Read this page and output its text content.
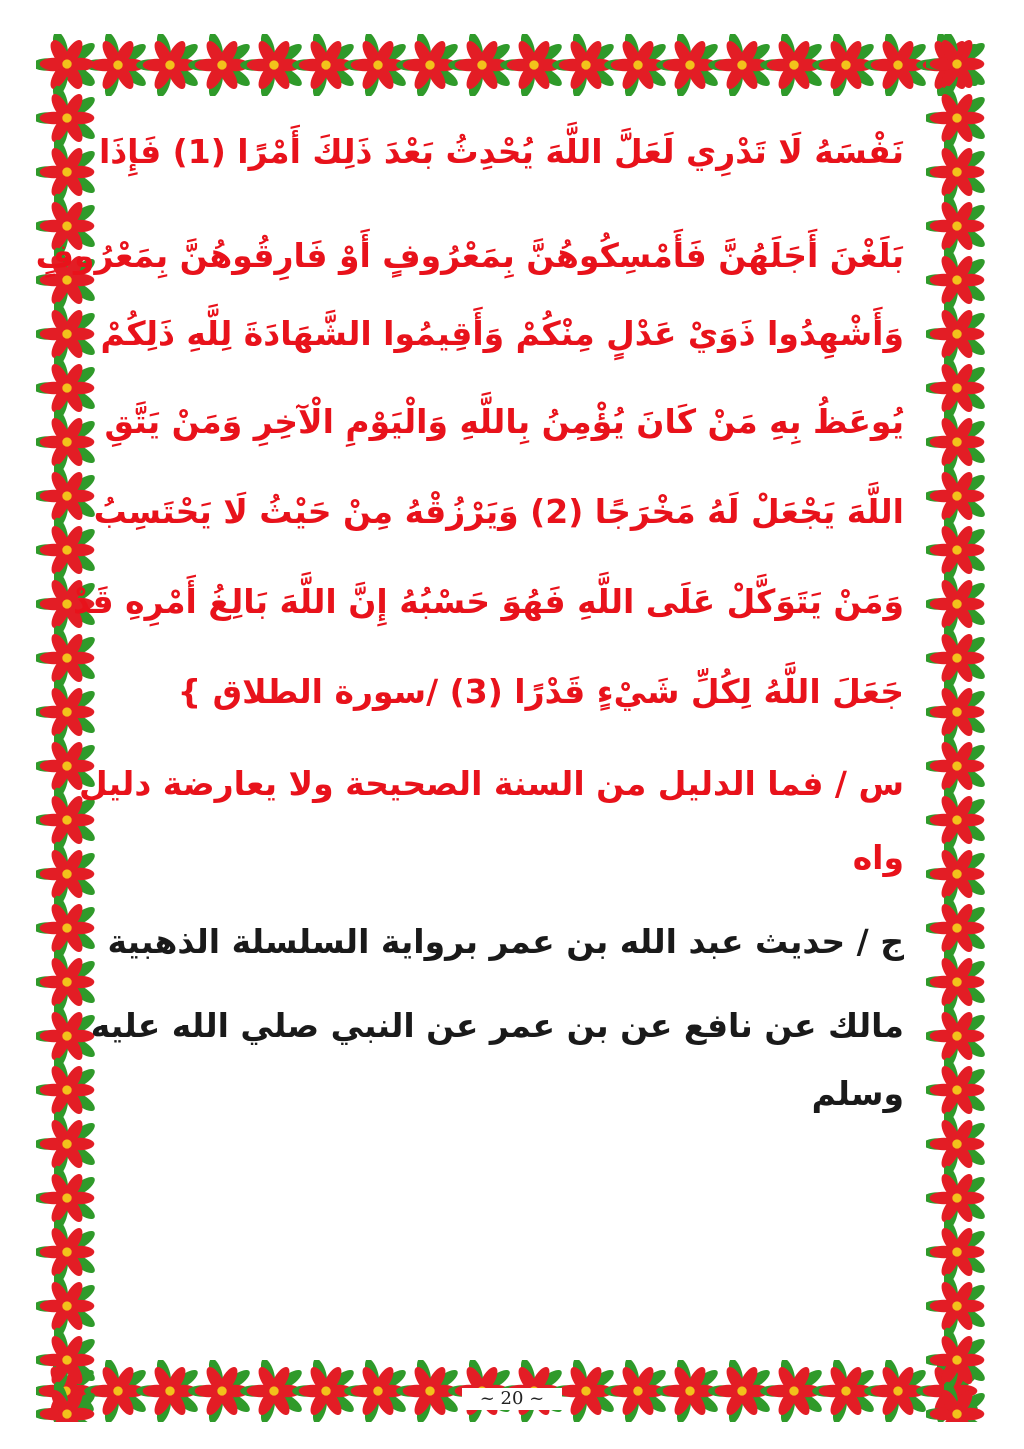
نَفْسَهُ لَا تَدْرِي لَعَلَّ اللَّهَ يُحْدِثُ بَعْدَ ذَلِكَ أَمْرًا (1) فَإِذَا

بَلَغْنَ أَجَلَهُنَّ فَأَمْسِكُوهُنَّ بِمَعْرُوفٍ أَوْ فَارِقُوهُنَّ بِمَعْرُوفٍ

وَأَشْهِدُوا ذَوَيْ عَدْلٍ مِنْكُمْ وَأَقِيمُوا الشَّهَادَةَ لِلَّهِ ذَلِكُمْ

يُوعَظُ بِهِ مَنْ كَانَ يُؤْمِنُ بِاللَّهِ وَالْيَوْمِ الْآخِرِ وَمَنْ يَتَّقِ

اللَّهَ يَجْعَلْ لَهُ مَخْرَجًا (2) وَيَرْزُقْهُ مِنْ حَيْثُ لَا يَحْتَسِبُ

وَمَنْ يَتَوَكَّلْ عَلَى اللَّهِ فَهُوَ حَسْبُهُ إِنَّ اللَّهَ بَالِغُ أَمْرِهِ قَدْ

جَعَلَ اللَّهُ لِكُلِّ شَيْءٍ قَدْرًا (3) /سورة الطلاق }

س / فما الدليل من السنة الصحيحة ولا يعارضة دليل

واه

ج / حديث عبد الله بن عمر برواية السلسلة الذهبية

مالك عن نافع عن بن عمر عن النبي صلي الله عليه

وسلم

~ 20 ~
